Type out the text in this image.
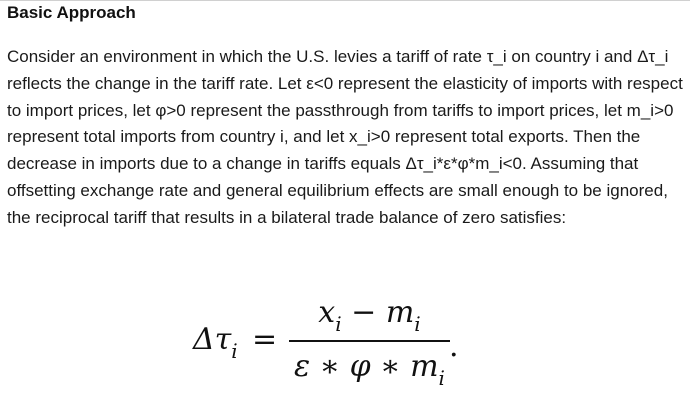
Basic Approach

Consider an environment in which the U.S. levies a tariff of rate τ_i on country i and Δτ_i reflects the change in the tariff rate. Let ε<0 represent the elasticity of imports with respect to import prices, let φ>0 represent the passthrough from tariffs to import prices, let m_i>0 represent total imports from country i, and let x_i>0 represent total exports. Then the decrease in imports due to a change in tariffs equals Δτ_i*ε*φ*m_i<0. Assuming that offsetting exchange rate and general equilibrium effects are small enough to be ignored, the reciprocal tariff that results in a bilateral trade balance of zero satisfies:

$\Delta\tau_i$ =
$x_i - m_i$
ε ∗ φ ∗ $m_i$
.
